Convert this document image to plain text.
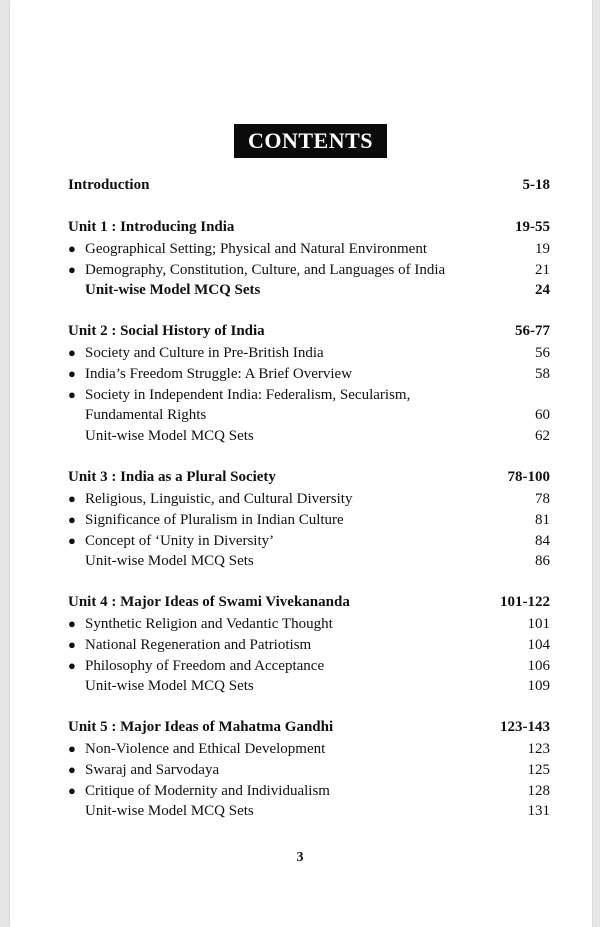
CONTENTS
Introduction	5-18
Unit 1 : Introducing India	19-55
● Geographical Setting; Physical and Natural Environment	19
● Demography, Constitution, Culture, and Languages of India	21
Unit-wise Model MCQ Sets	24
Unit 2 : Social History of India	56-77
● Society and Culture in Pre-British India	56
● India’s Freedom Struggle: A Brief Overview	58
● Society in Independent India: Federalism, Secularism,
Fundamental Rights	60
Unit-wise Model MCQ Sets	62
Unit 3 : India as a Plural Society	78-100
● Religious, Linguistic, and Cultural Diversity	78
● Significance of Pluralism in Indian Culture	81
● Concept of ‘Unity in Diversity’	84
Unit-wise Model MCQ Sets	86
Unit 4 : Major Ideas of Swami Vivekananda	101-122
● Synthetic Religion and Vedantic Thought	101
● National Regeneration and Patriotism	104
● Philosophy of Freedom and Acceptance	106
Unit-wise Model MCQ Sets	109
Unit 5 : Major Ideas of Mahatma Gandhi	123-143
● Non-Violence and Ethical Development	123
● Swaraj and Sarvodaya	125
● Critique of Modernity and Individualism	128
Unit-wise Model MCQ Sets	131
3
